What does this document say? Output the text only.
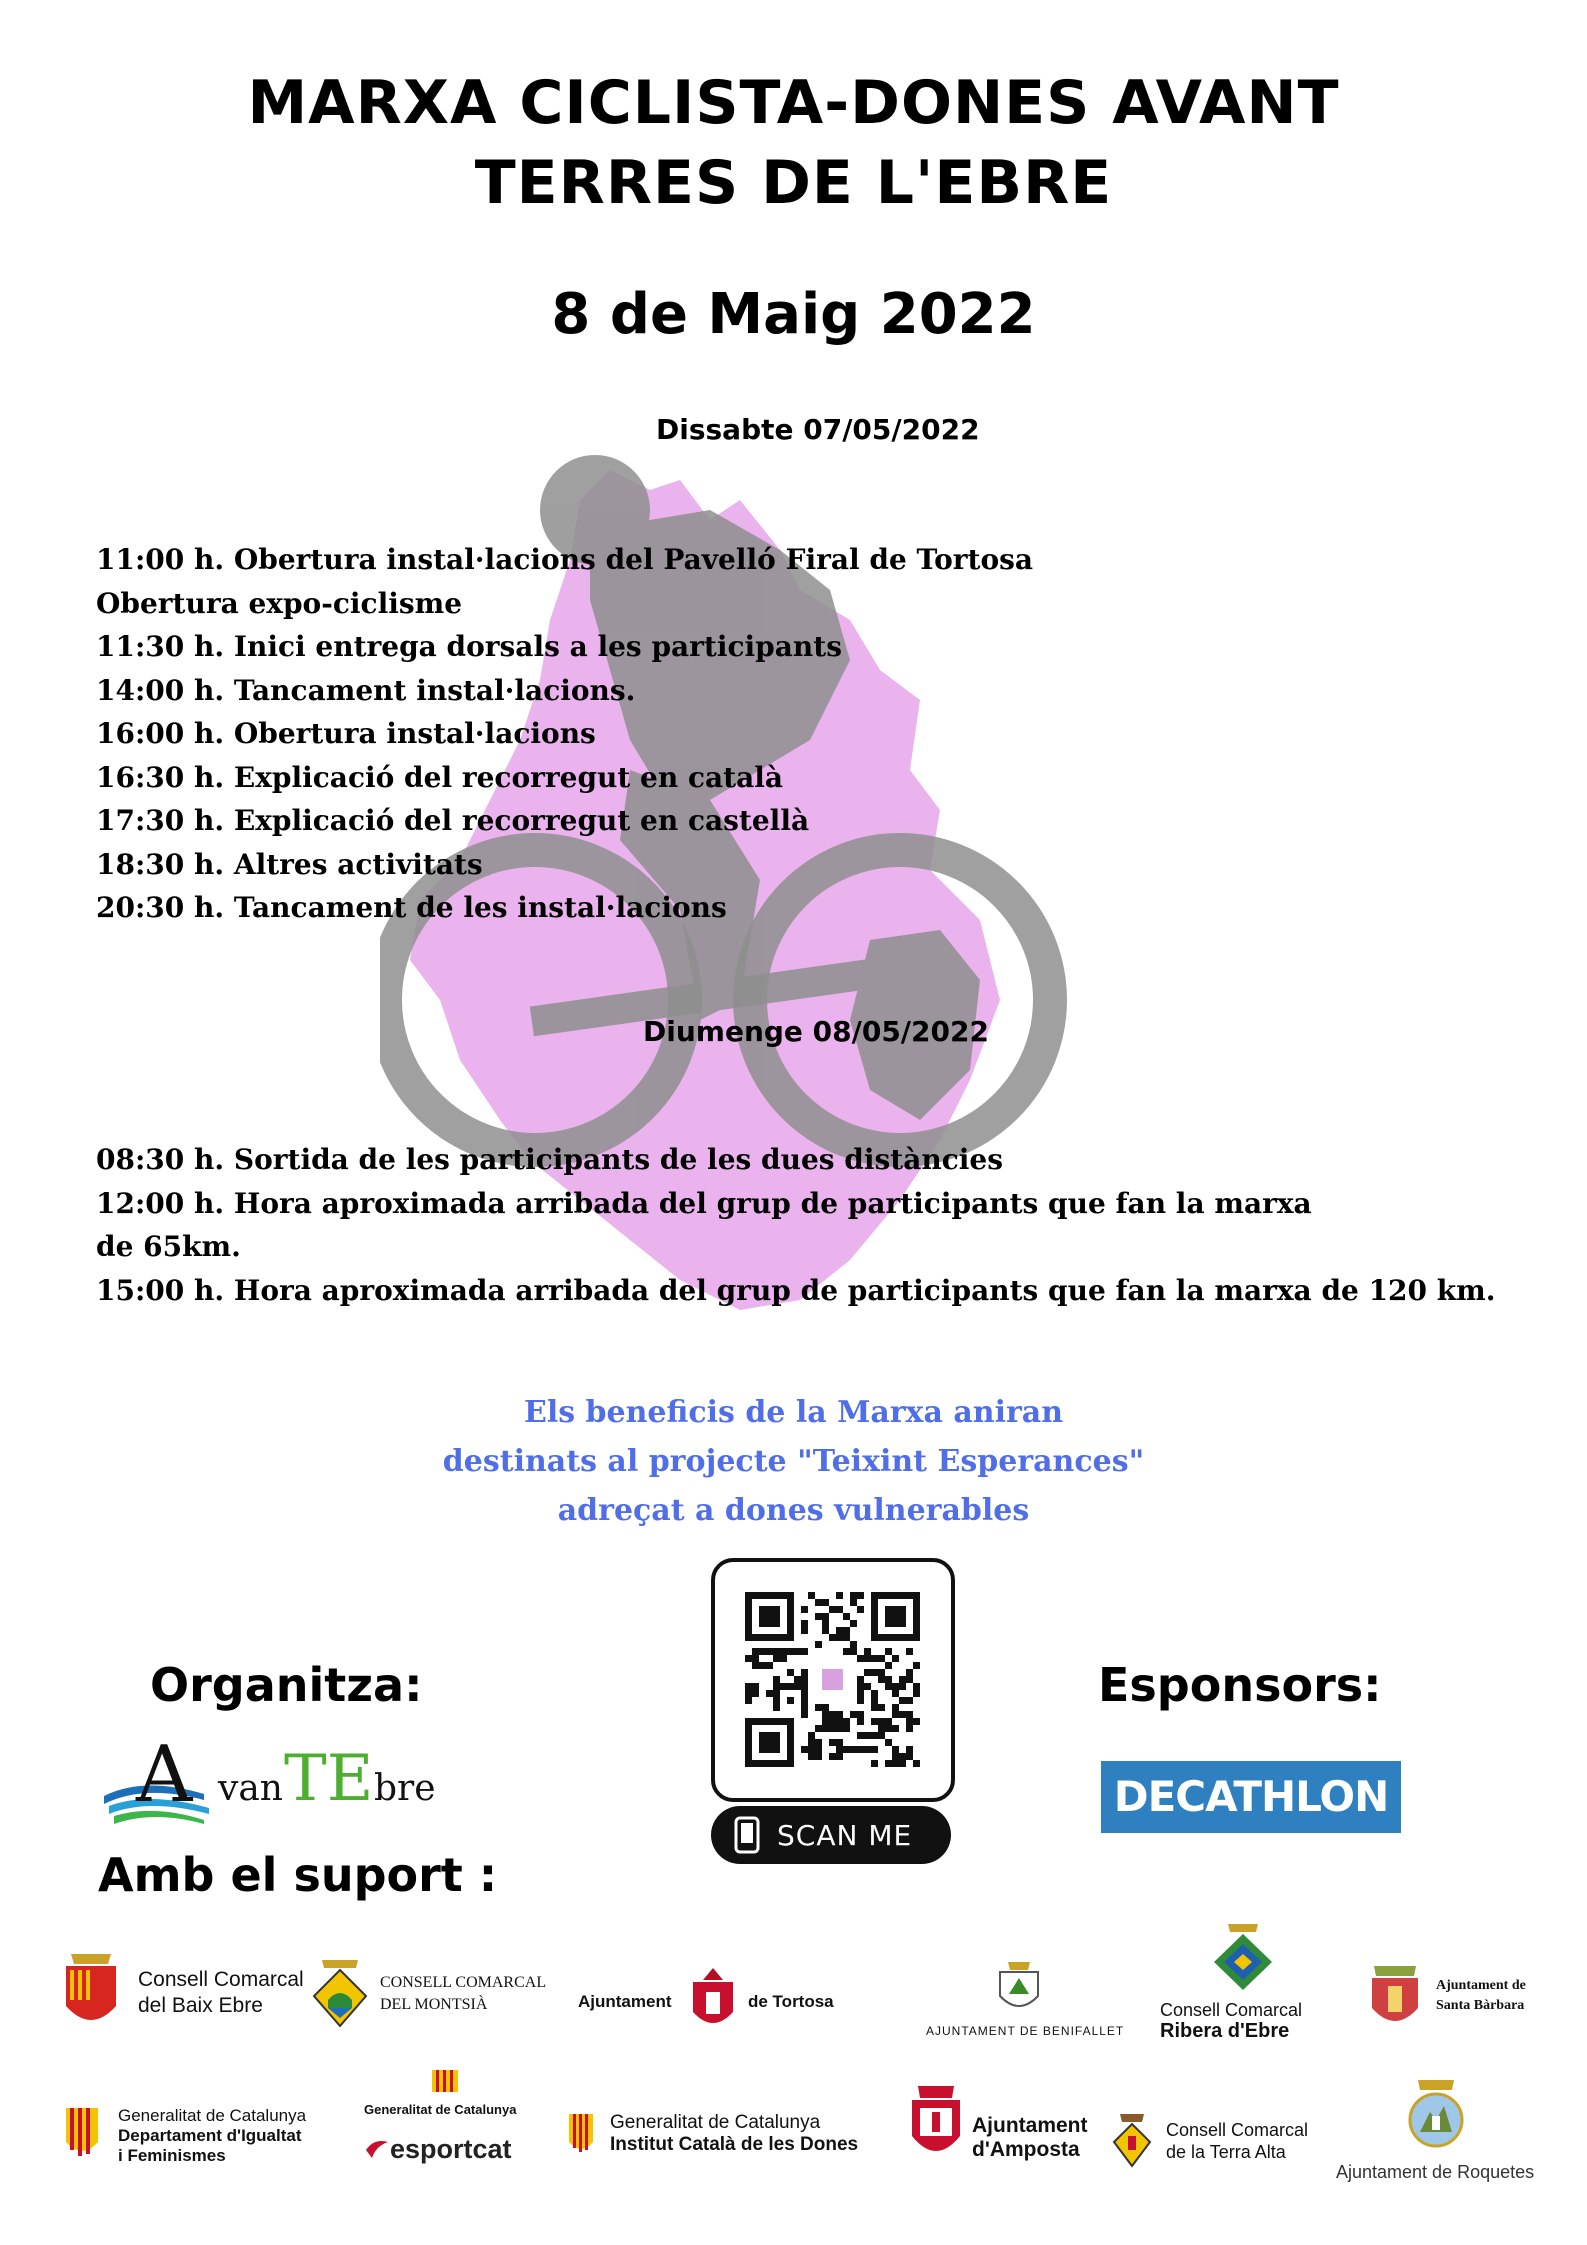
MARXA CICLISTA-DONES AVANT
TERRES DE L'EBRE
8 de Maig 2022
Dissabte 07/05/2022
11:00 h. Obertura instal·lacions del Pavelló Firal de Tortosa
Obertura expo-ciclisme
11:30 h. Inici entrega dorsals a les participants
14:00 h. Tancament instal·lacions.
16:00 h. Obertura instal·lacions
16:30 h. Explicació del recorregut en català
17:30 h. Explicació del recorregut en castellà
18:30 h. Altres activitats
20:30 h. Tancament de les instal·lacions
Diumenge 08/05/2022
08:30 h. Sortida de les participants de les dues distàncies
12:00 h. Hora aproximada arribada del grup de participants que fan la marxa
de 65km.
15:00 h. Hora aproximada arribada del grup de participants que fan la marxa de 120 km.
Els beneficis de la Marxa aniran
destinats al projecte "Teixint Esperances"
adreçat a dones vulnerables
Organitza:
A van TE bre
SCAN ME
Esponsors:
DECATHLON
Amb el suport :
Consell Comarcal
del Baix Ebre
CONSELL COMARCAL
DEL MONTSIÀ	Ajuntament	de Tortosa
AJUNTAMENT DE BENIFALLET
Consell Comarcal
Ribera d'Ebre
Ajuntament de
Santa Bàrbara
Generalitat de Catalunya
Departament d'Igualtat
i Feminismes
Generalitat de Catalunya
esportcat
Generalitat de Catalunya
Institut Català de les Dones
Ajuntament
d'Amposta
Consell Comarcal
de la Terra Alta
Ajuntament de Roquetes
